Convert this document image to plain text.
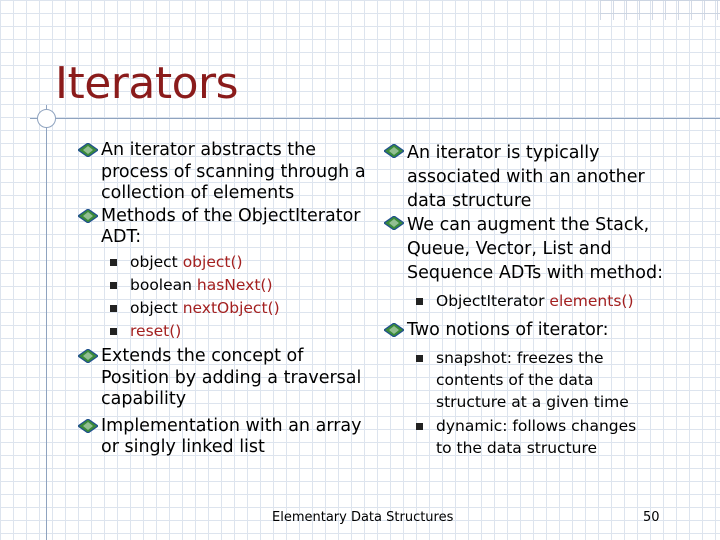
Iterators
An iterator abstracts the process of scanning through a collection of elements
Methods of the ObjectIterator ADT:
object object()
boolean hasNext()
object nextObject()
reset()
Extends the concept of Position by adding a traversal capability
Implementation with an array or singly linked list
An iterator is typically associated with an another data structure
We can augment the Stack, Queue, Vector, List and Sequence ADTs with method:
ObjectIterator elements()
Two notions of iterator:
snapshot: freezes the contents of the data structure at a given time
dynamic: follows changes to the data structure
Elementary Data Structures	50
